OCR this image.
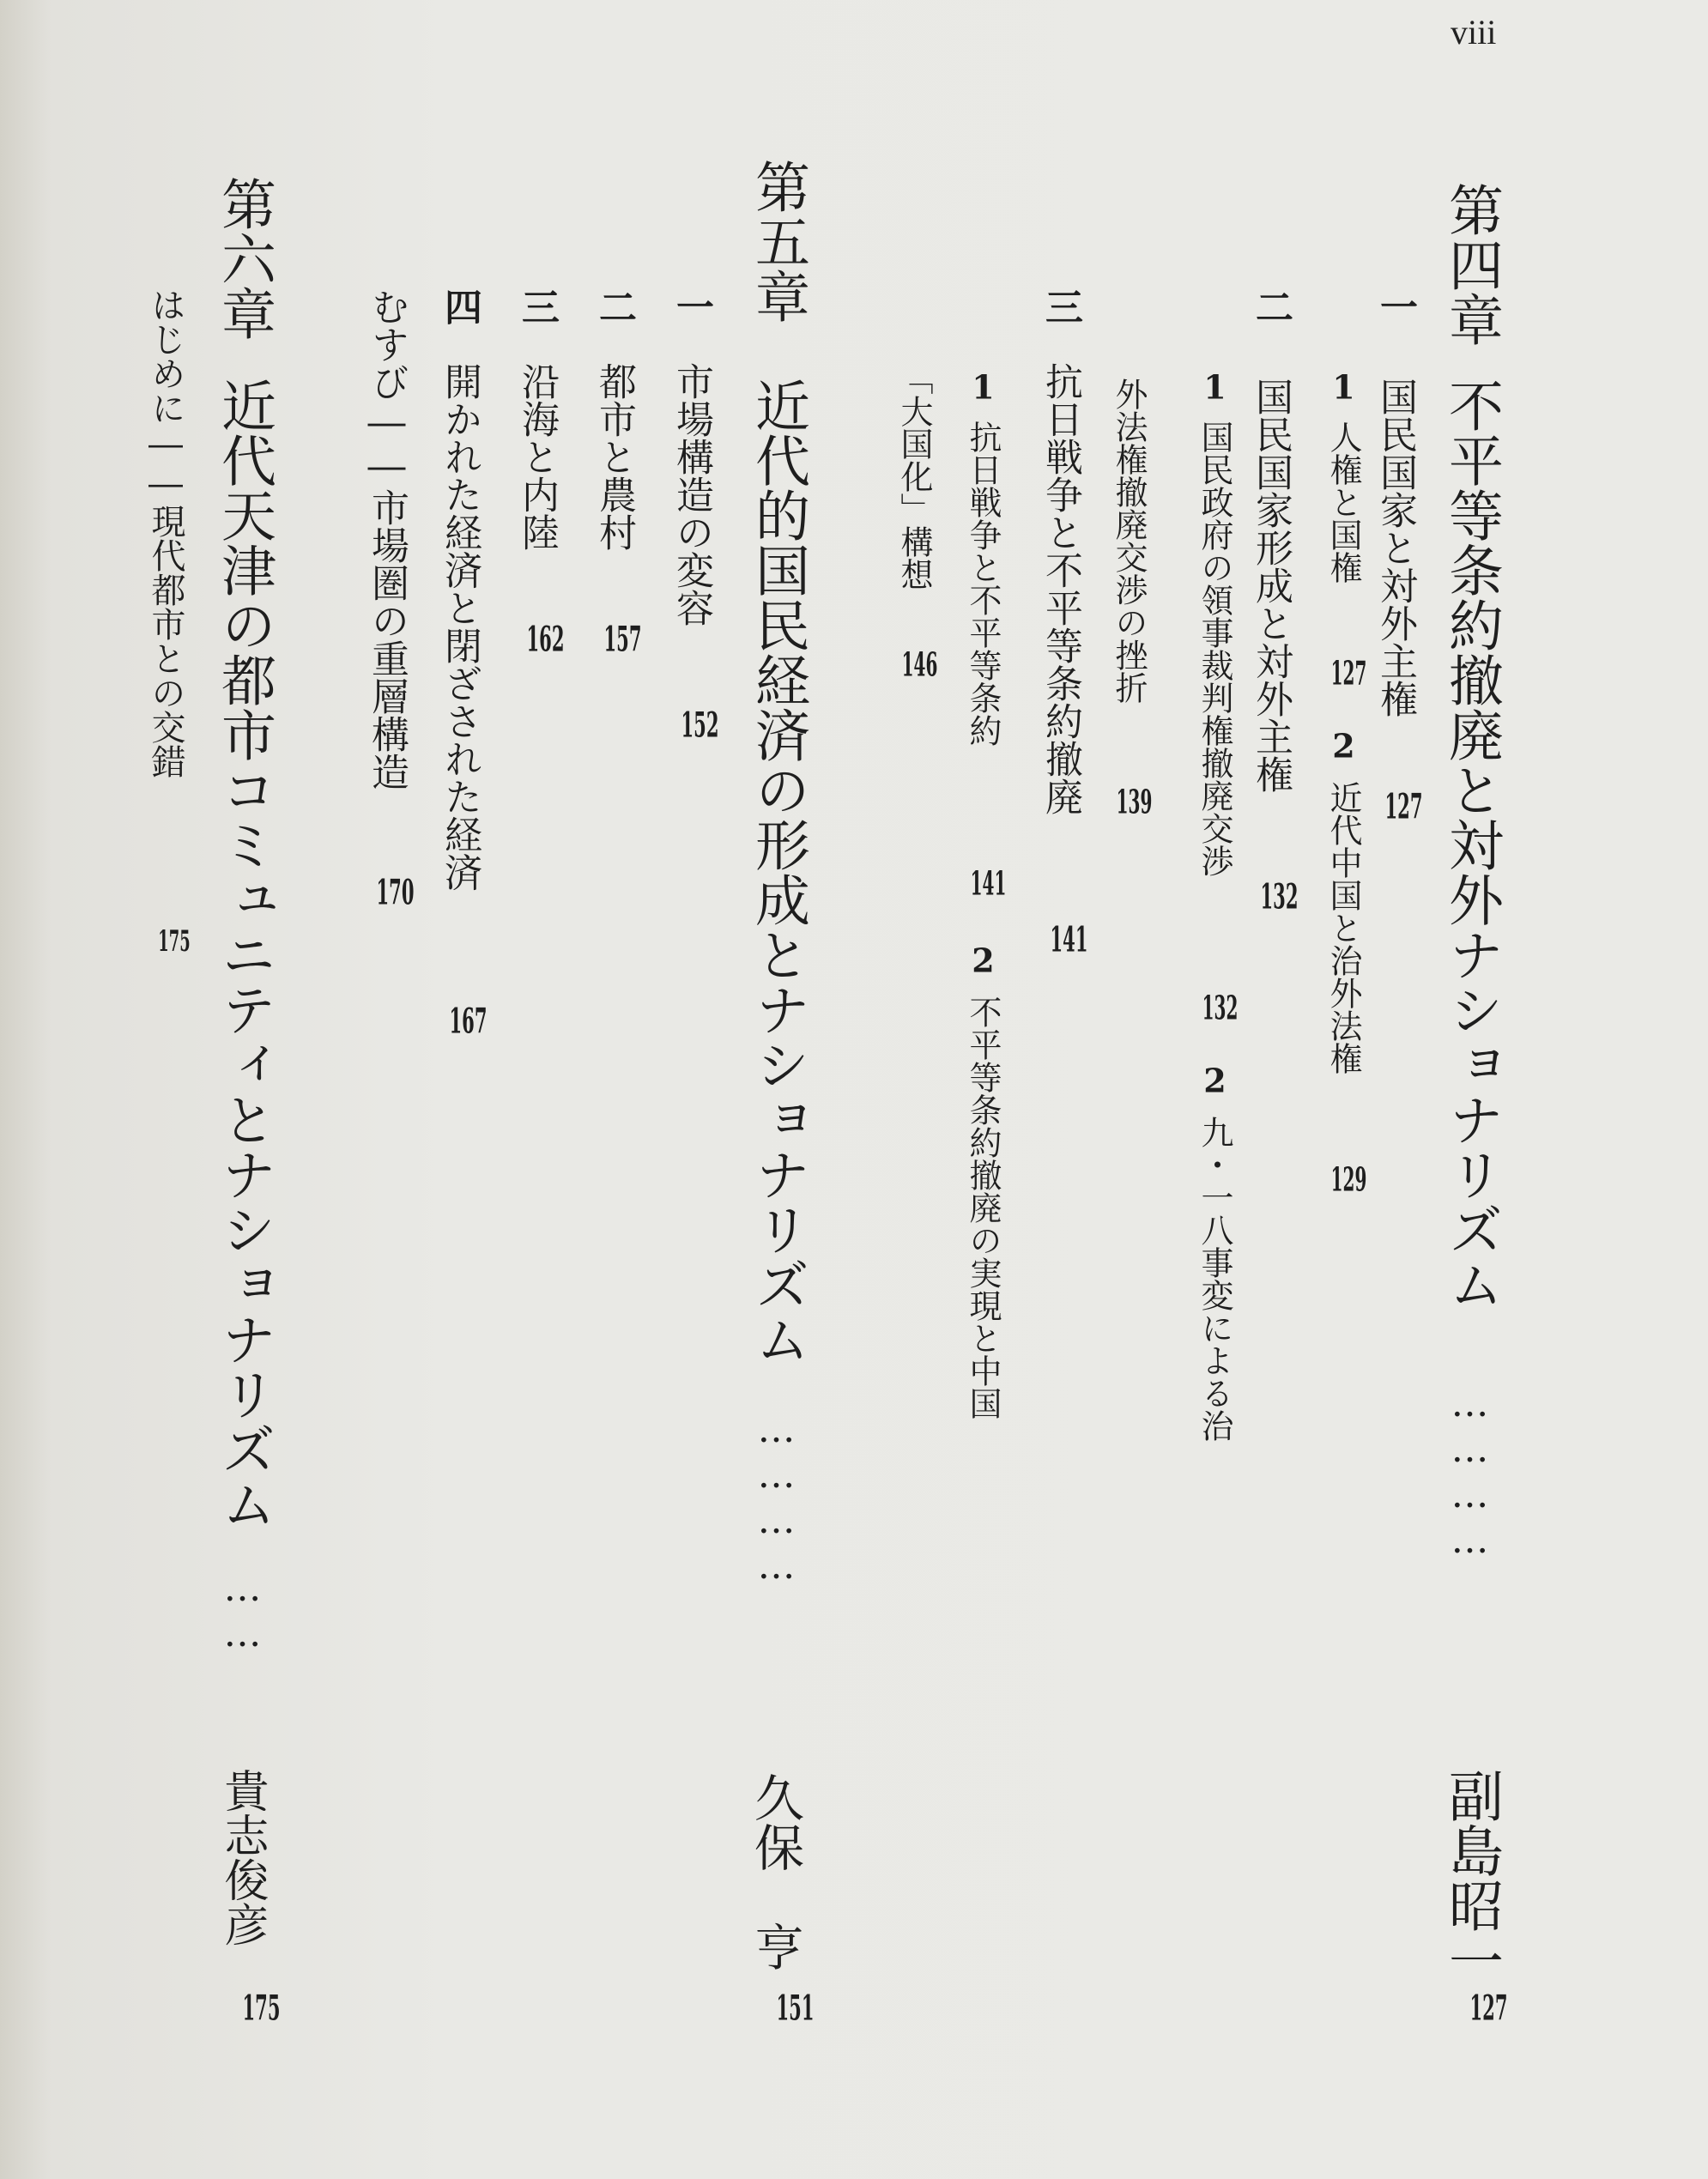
viii
第四章
不平等条約撤廃と対外ナショナリズム
…………
副島昭一
127
一
国民国家と対外主権
127
1
人権と国権
127
2
近代中国と治外法権
129
二
国民国家形成と対外主権
132
1
国民政府の領事裁判権撤廃交渉
132
2
九・一八事変による治
外法権撤廃交渉の挫折
139
三
抗日戦争と不平等条約撤廃
141
1
抗日戦争と不平等条約
141
2
不平等条約撤廃の実現と中国
「大国化」構想
146
第五章
近代的国民経済の形成とナショナリズム
…………
久保　亨
151
一
市場構造の変容
152
二
都市と農村
157
三
沿海と内陸
162
四
開かれた経済と閉ざされた経済
167
むすび――市場圏の重層構造
170
第六章
近代天津の都市コミュニティとナショナリズム
……
貴志俊彦
175
はじめに――現代都市との交錯
175
